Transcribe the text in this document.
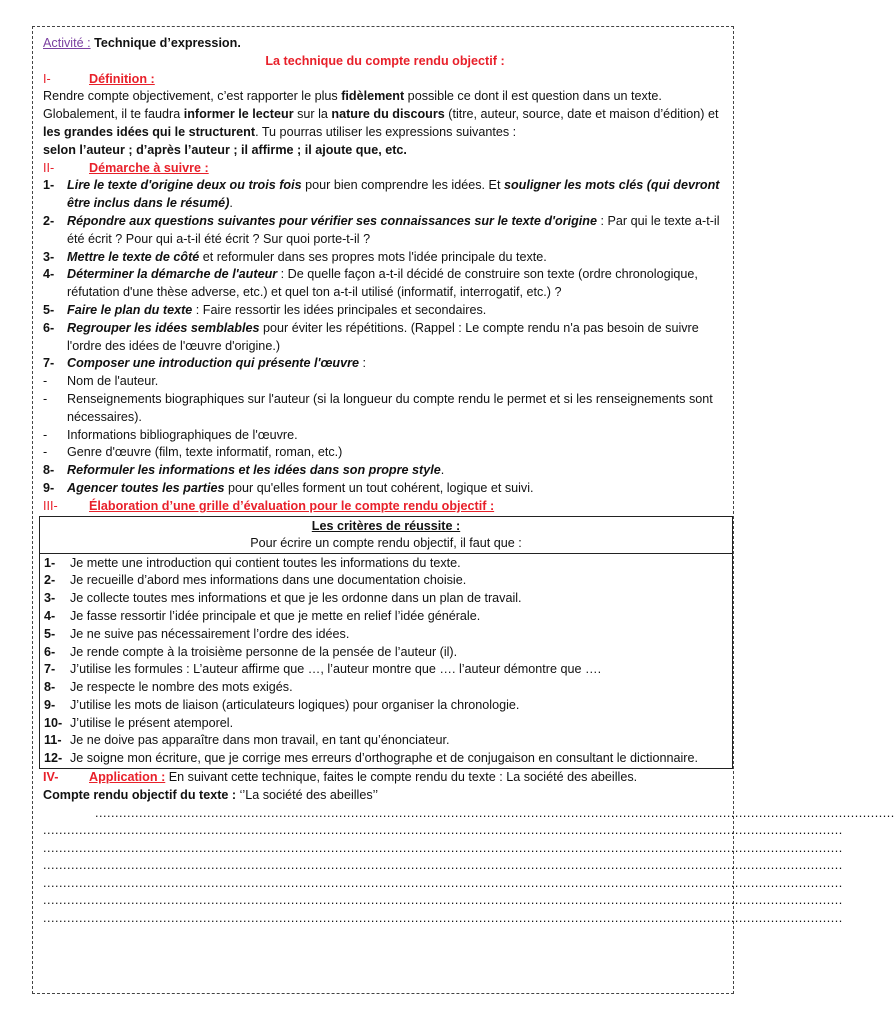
Activité : Technique d’expression.
La technique du compte rendu objectif :
I-	Définition :
Rendre compte objectivement, c’est rapporter le plus fidèlement possible ce dont il est question dans un texte. Globalement, il te faudra informer le lecteur sur la nature du discours (titre, auteur, source, date et maison d’édition) et les grandes idées qui le structurent. Tu pourras utiliser les expressions suivantes :
selon l’auteur ; d’après l’auteur ; il affirme ; il ajoute que, etc.
II-	Démarche à suivre :
1-	Lire le texte d'origine deux ou trois fois pour bien comprendre les idées. Et souligner les mots clés (qui devront être inclus dans le résumé).
2-	Répondre aux questions suivantes pour vérifier ses connaissances sur le texte d'origine : Par qui le texte a-t-il été écrit ? Pour qui a-t-il été écrit ? Sur quoi porte-t-il ?
3-	Mettre le texte de côté et reformuler dans ses propres mots l'idée principale du texte.
4-	Déterminer la démarche de l'auteur : De quelle façon a-t-il décidé de construire son texte (ordre chronologique, réfutation d'une thèse adverse, etc.) et quel ton a-t-il utilisé (informatif, interrogatif, etc.) ?
5-	Faire le plan du texte : Faire ressortir les idées principales et secondaires.
6-	Regrouper les idées semblables pour éviter les répétitions. (Rappel : Le compte rendu n'a pas besoin de suivre l'ordre des idées de l'œuvre d'origine.)
7-	Composer une introduction qui présente l'œuvre :
-	Nom de l'auteur.
-	Renseignements biographiques sur l'auteur (si la longueur du compte rendu le permet et si les renseignements sont nécessaires).
-	Informations bibliographiques de l'œuvre.
-	Genre d'œuvre (film, texte informatif, roman, etc.)
8-	Reformuler les informations et les idées dans son propre style.
9-	Agencer toutes les parties pour qu'elles forment un tout cohérent, logique et suivi.
III-	Élaboration d’une grille d’évaluation pour le compte rendu objectif :
Les critères de réussite :
Pour écrire un compte rendu objectif, il faut que :
1-	Je mette une introduction qui contient toutes les informations du texte.
2-	Je recueille d’abord mes informations dans une documentation choisie.
3-	Je collecte toutes mes informations et que je les ordonne dans un plan de travail.
4-	Je fasse ressortir l’idée principale et que je mette en relief l’idée générale.
5-	Je ne suive pas nécessairement l’ordre des idées.
6-	Je rende compte à la troisième personne de la pensée de l’auteur (il).
7-	J’utilise les formules : L’auteur affirme que …, l’auteur montre que …. l’auteur démontre que ….
8-	Je respecte le nombre des mots exigés.
9-	J’utilise les mots de liaison (articulateurs logiques) pour organiser la chronologie.
10- J’utilise le présent atemporel.
11- Je ne doive pas apparaître dans mon travail, en tant qu’énonciateur.
12- Je soigne mon écriture, que je corrige mes erreurs d’orthographe et de conjugaison en consultant le dictionnaire.
IV-	Application : En suivant cette technique, faites le compte rendu du texte : La société des abeilles.
Compte rendu objectif du texte : ‘’La société des abeilles’’
........................................................................................................................................................................................................
........................................................................................................................................................................................................
........................................................................................................................................................................................................
........................................................................................................................................................................................................
........................................................................................................................................................................................................
........................................................................................................................................................................................................
........................................................................................................................................................................................................
